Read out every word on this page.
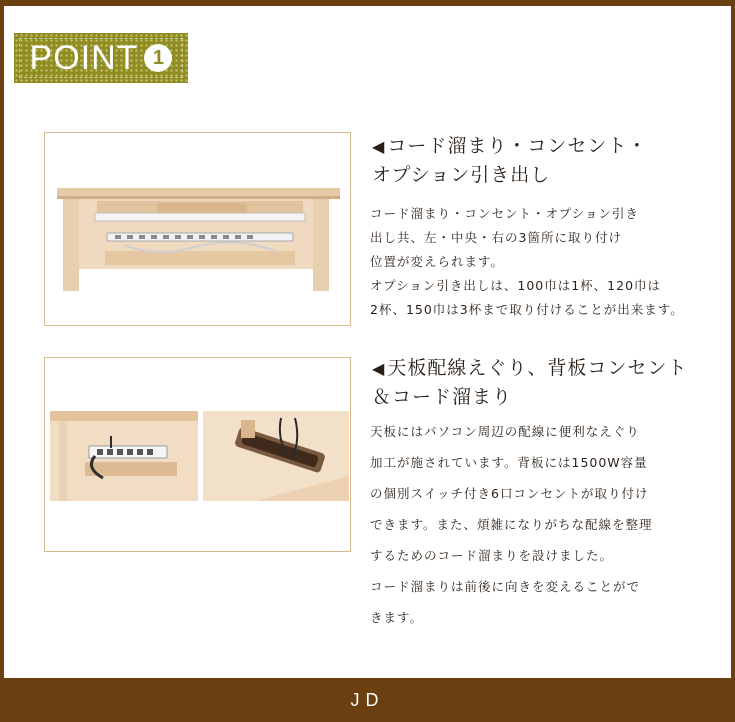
POINT 1
◀ コード溜まり・コンセント・
オプション引き出し
コード溜まり・コンセント・オプション引き
出し共、左・中央・右の3箇所に取り付け
位置が変えられます。
オプション引き出しは、100巾は1杯、120巾は
2杯、150巾は3杯まで取り付けることが出来ます。
◀ 天板配線えぐり、背板コンセント
＆コード溜まり
天板にはパソコン周辺の配線に便利なえぐり
加工が施されています。背板には1500W容量
の個別スイッチ付き6口コンセントが取り付け
できます。また、煩雑になりがちな配線を整理
するためのコード溜まりを設けました。
コード溜まりは前後に向きを変えることがで
きます。
JD
